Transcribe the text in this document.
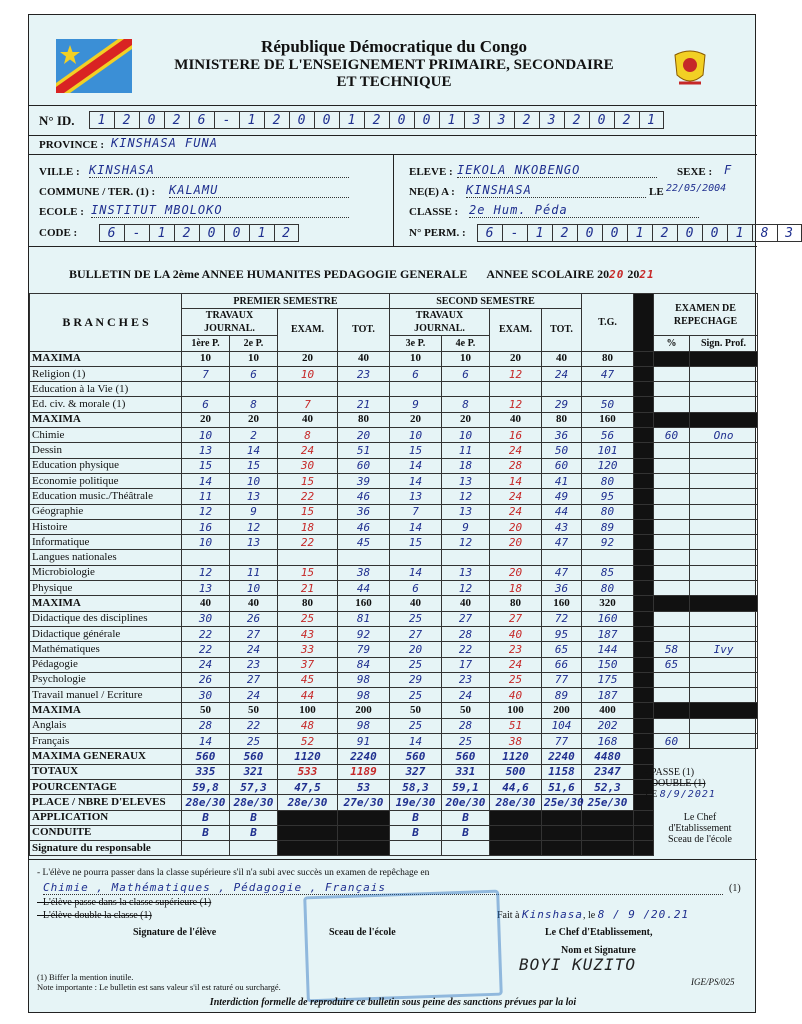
République Démocratique du Congo
MINISTERE DE L'ENSEIGNEMENT PRIMAIRE, SECONDAIRE
ET TECHNIQUE
N° ID.	1	2	0	2	6	-	1	2	0	0	1	2	0	0	1	3	3	2	3	2	0	2	1
PROVINCE : KINSHASA FUNA
VILLE : KINSHASA
COMMUNE / TER. (1) : KALAMU
ECOLE : INSTITUT MBOLOKO
CODE :	6	-	1	2	0	0	1	2
ELEVE : IEKOLA NKOBENGO	SEXE : F
NE(E) A : KINSHASA	LE 22/05/2004
CLASSE : 2e Hum. Péda
N° PERM. :	6	-	1	2	0	0	1	2	0	0	1	8	3
BULLETIN DE LA 2ème ANNEE HUMANITES PEDAGOGIE GENERALE ANNEE SCOLAIRE 2020 2021
B R A N C H E S	PREMIER SEMESTRE				SECOND SEMESTRE				T.G.		EXAMEN DE REPECHAGE	
	TRAVAUX JOURNAL.		EXAM.	TOT.	TRAVAUX JOURNAL.		EXAM.	TOT.				
	1ère P.	2e P.			3e P.	4e P.					%	Sign. Prof.
MAXIMA	10	10	20	40	10	10	20	40	80			
Religion (1)	7	6	10	23	6	6	12	24	47			
Education à la Vie (1)												
Ed. civ. & morale (1)	6	8	7	21	9	8	12	29	50			
MAXIMA	20	20	40	80	20	20	40	80	160			
Chimie	10	2	8	20	10	10	16	36	56		60	Ono
Dessin	13	14	24	51	15	11	24	50	101			
Education physique	15	15	30	60	14	18	28	60	120			
Economie politique	14	10	15	39	14	13	14	41	80			
Education music./Théâtrale	11	13	22	46	13	12	24	49	95			
Géographie	12	9	15	36	7	13	24	44	80			
Histoire	16	12	18	46	14	9	20	43	89			
Informatique	10	13	22	45	15	12	20	47	92			
Langues nationales												
Microbiologie	12	11	15	38	14	13	20	47	85			
Physique	13	10	21	44	6	12	18	36	80			
MAXIMA	40	40	80	160	40	40	80	160	320			
Didactique des disciplines	30	26	25	81	25	27	27	72	160			
Didactique générale	22	27	43	92	27	28	40	95	187			
Mathématiques	22	24	33	79	20	22	23	65	144		58	Ivy
Pédagogie	24	23	37	84	25	17	24	66	150		65	
Psychologie	26	27	45	98	29	23	25	77	175			
Travail manuel / Ecriture	30	24	44	98	25	24	40	89	187			
MAXIMA	50	50	100	200	50	50	100	200	400			
Anglais	28	22	48	98	25	28	51	104	202			
Français	14	25	52	91	14	25	38	77	168		60	
MAXIMA GENERAUX	560	560	1120	2240	560	560	1120	2240	4480			
TOTAUX	335	321	533	1189	327	331	500	1158	2347			
POURCENTAGE	59,8	57,3	47,5	53	58,3	59,1	44,6	51,6	52,3			
PLACE / NBRE D'ELEVES	28e/30	28e/30	28e/30	27e/30	19e/30	20e/30	28e/30	25e/30	25e/30			
APPLICATION	B	B			B	B						
CONDUITE	B	B			B	B						
Signature du responsable												
- PASSE (1)
- DOUBLE (1)
LE 8/9/2021
Le Chef
d'Etablissement
Sceau de l'école
- L'élève ne pourra passer dans la classe supérieure s'il n'a subi avec succès un examen de repêchage en
Chimie , Mathématiques , Pédagogie , Français	(1)
- L'élève passe dans la classe supérieure (1)
- L'élève double la classe (1)	Fait à Kinshasa, le 8 / 9 /20.21
Signature de l'élève	Sceau de l'école	Le Chef d'Etablissement,
Nom et Signature
BOYI KUZITO
(1) Biffer la mention inutile.
Note importante : Le bulletin est sans valeur s'il est raturé ou surchargé.	IGE/PS/025
Interdiction formelle de reproduire ce bulletin sous peine des sanctions prévues par la loi
